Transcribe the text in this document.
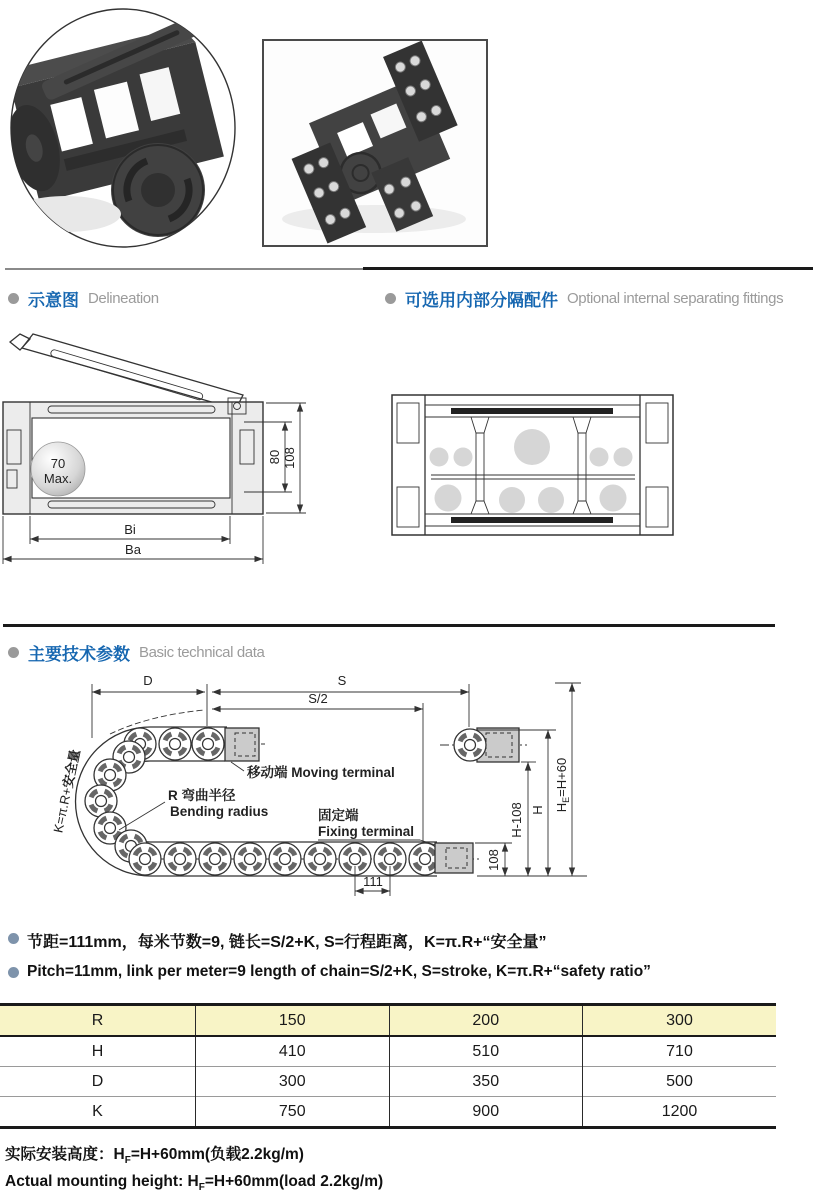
示意图 Delineation	可选用内部分隔配件 Optional internal separating fittings
70
Max.
80 108
Bi
Ba
主要技术参数 Basic technical data
D	S
S/2
移动端 Moving terminal
K=π.R+安全量
R 弯曲半径
Bending radius	固定端
Fixing terminal
111
108
H-108 H $H_E=H+60$
节距=111mm，每米节数=9, 链长=S/2+K, S=行程距离，K=π.R+“安全量”
Pitch=11mm, link per meter=9 length of chain=S/2+K, S=stroke, K=π.R+“safety ratio”
R	150	200	300
H	410	510	710
D	300	350	500
K	750	900	1200
实际安装高度：$H_F=H+60mm$(负载2.2kg/m)
Actual mounting height: $H_F=H+60mm(load$ 2.2kg/m)
